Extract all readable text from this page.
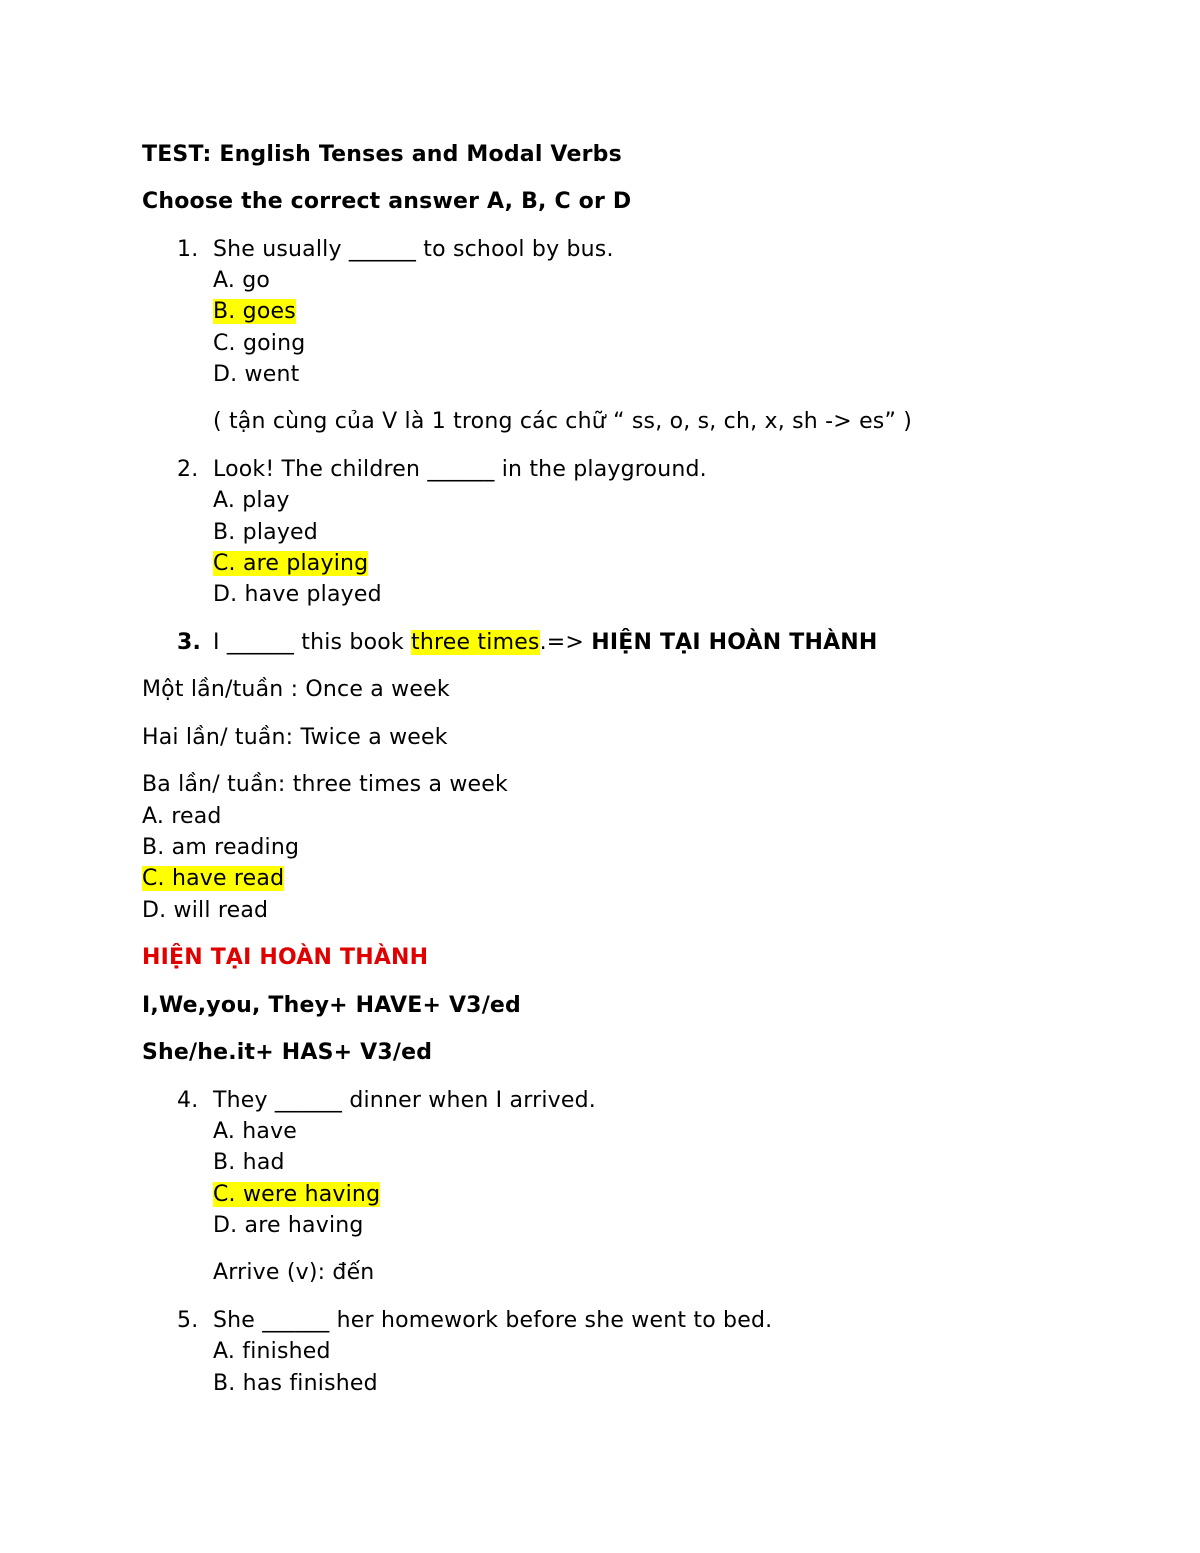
TEST: English Tenses and Modal Verbs
Choose the correct answer A, B, C or D
1. She usually ______ to school by bus.
A. go
B. goes
C. going
D. went
( tận cùng của V là 1 trong các chữ “ ss, o, s, ch, x, sh -> es” )
2. Look! The children ______ in the playground.
A. play
B. played
C. are playing
D. have played
3. I ______ this book three times.=> HIỆN TẠI HOÀN THÀNH
Một lần/tuần : Once a week
Hai lần/ tuần: Twice a week
Ba lần/ tuần: three times a week
A. read
B. am reading
C. have read
D. will read
HIỆN TẠI HOÀN THÀNH
I,We,you, They+ HAVE+ V3/ed
She/he.it+ HAS+ V3/ed
4. They ______ dinner when I arrived.
A. have
B. had
C. were having
D. are having
Arrive (v): đến
5. She ______ her homework before she went to bed.
A. finished
B. has finished
